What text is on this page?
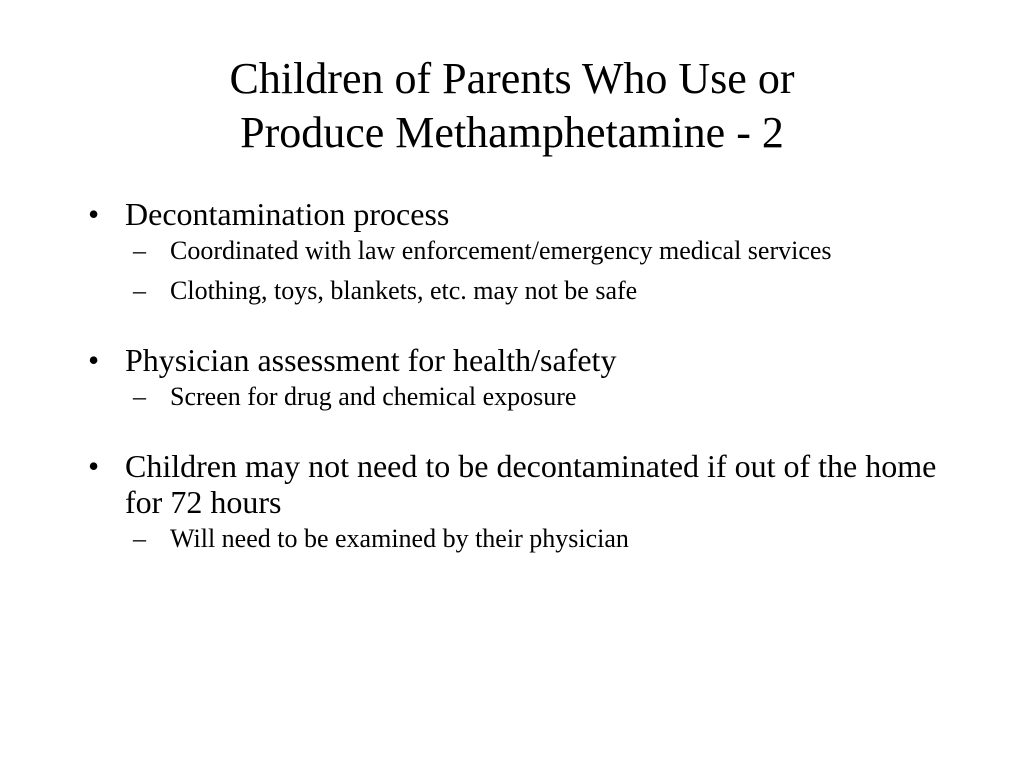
Children of Parents Who Use or
Produce Methamphetamine - 2
• Decontamination process
– Coordinated with law enforcement/emergency medical services
– Clothing, toys, blankets, etc. may not be safe
• Physician assessment for health/safety
– Screen for drug and chemical exposure
• Children may not need to be decontaminated if out of the home for 72 hours
– Will need to be examined by their physician
